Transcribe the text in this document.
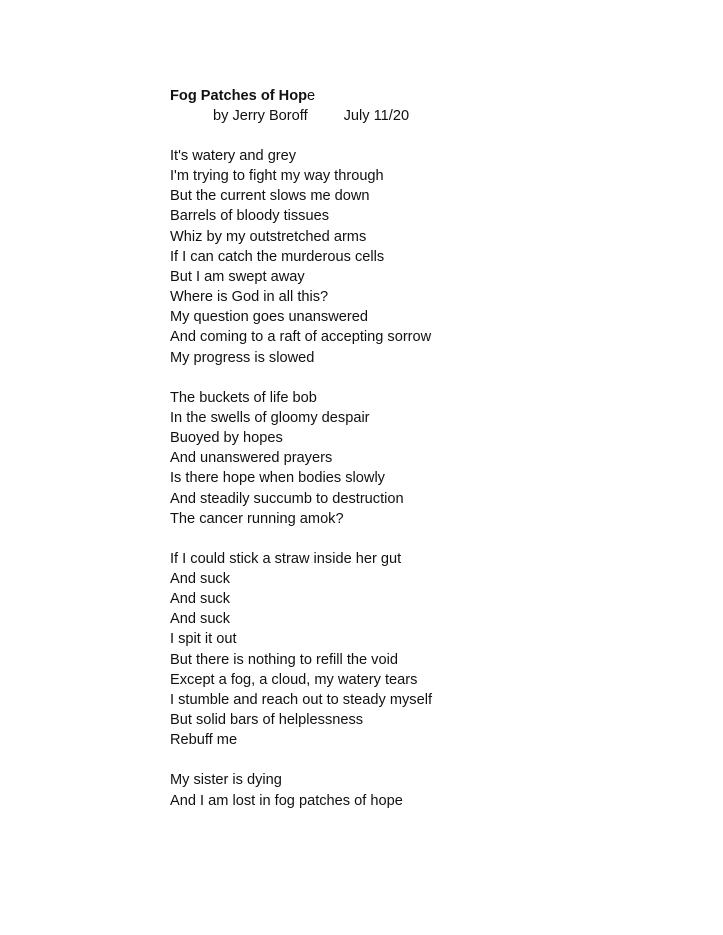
Fog Patches of Hope
by Jerry Boroff July 11/20
It's watery and grey
I'm trying to fight my way through
But the current slows me down
Barrels of bloody tissues
Whiz by my outstretched arms
If I can catch the murderous cells
But I am swept away
Where is God in all this?
My question goes unanswered
And coming to a raft of accepting sorrow
My progress is slowed
The buckets of life bob
In the swells of gloomy despair
Buoyed by hopes
And unanswered prayers
Is there hope when bodies slowly
And steadily succumb to destruction
The cancer running amok?
If I could stick a straw inside her gut
And suck
And suck
And suck
I spit it out
But there is nothing to refill the void
Except a fog, a cloud, my watery tears
I stumble and reach out to steady myself
But solid bars of helplessness
Rebuff me
My sister is dying
And I am lost in fog patches of hope
